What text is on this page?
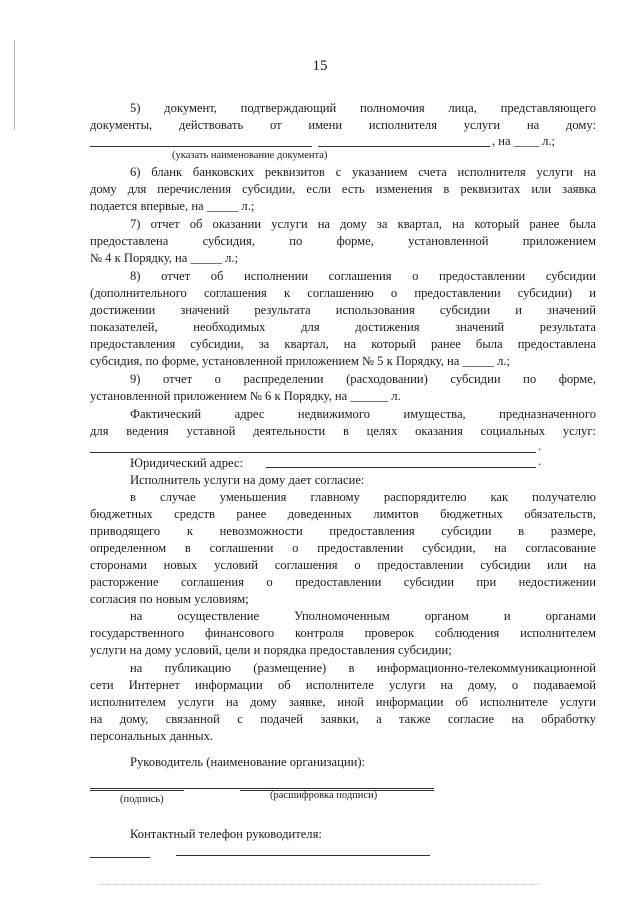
15
5) документ, подтверждающий полномочия лица, представляющего
документы, действовать от имени исполнителя услуги на дому:
, на ____ л.;
(указать наименование документа)
6) бланк банковских реквизитов с указанием счета исполнителя услуги на
дому для перечисления субсидии, если есть изменения в реквизитах или заявка
подается впервые, на _____ л.;
7) отчет об оказании услуги на дому за квартал, на который ранее была
предоставлена субсидия, по форме, установленной приложением
№ 4 к Порядку, на _____ л.;
8) отчет об исполнении соглашения о предоставлении субсидии
(дополнительного соглашения к соглашению о предоставлении субсидии) и
достижении значений результата использования субсидии и значений
показателей, необходимых для достижения значений результата
предоставления субсидии, за квартал, на который ранее была предоставлена
субсидия, по форме, установленной приложением № 5 к Порядку, на _____ л.;
9) отчет о распределении (расходовании) субсидии по форме,
установленной приложением № 6 к Порядку, на ______ л.
Фактический адрес недвижимого имущества, предназначенного
для ведения уставной деятельности в целях оказания социальных услуг:
.
Юридический адрес:	.
Исполнитель услуги на дому дает согласие:
в случае уменьшения главному распорядителю как получателю
бюджетных средств ранее доведенных лимитов бюджетных обязательств,
приводящего к невозможности предоставления субсидии в размере,
определенном в соглашении о предоставлении субсидии, на согласование
сторонами новых условий соглашения о предоставлении субсидии или на
расторжение соглашения о предоставлении субсидии при недостижении
согласия по новым условиям;
на осуществление Уполномоченным органом и органами
государственного финансового контроля проверок соблюдения исполнителем
услуги на дому условий, цели и порядка предоставления субсидии;
на публикацию (размещение) в информационно-телекоммуникационной
сети Интернет информации об исполнителе услуги на дому, о подаваемой
исполнителем услуги на дому заявке, иной информации об исполнителе услуги
на дому, связанной с подачей заявки, а также согласие на обработку
персональных данных.
Руководитель (наименование организации):
(подпись)	(расшифровка подписи)
Контактный телефон руководителя:
